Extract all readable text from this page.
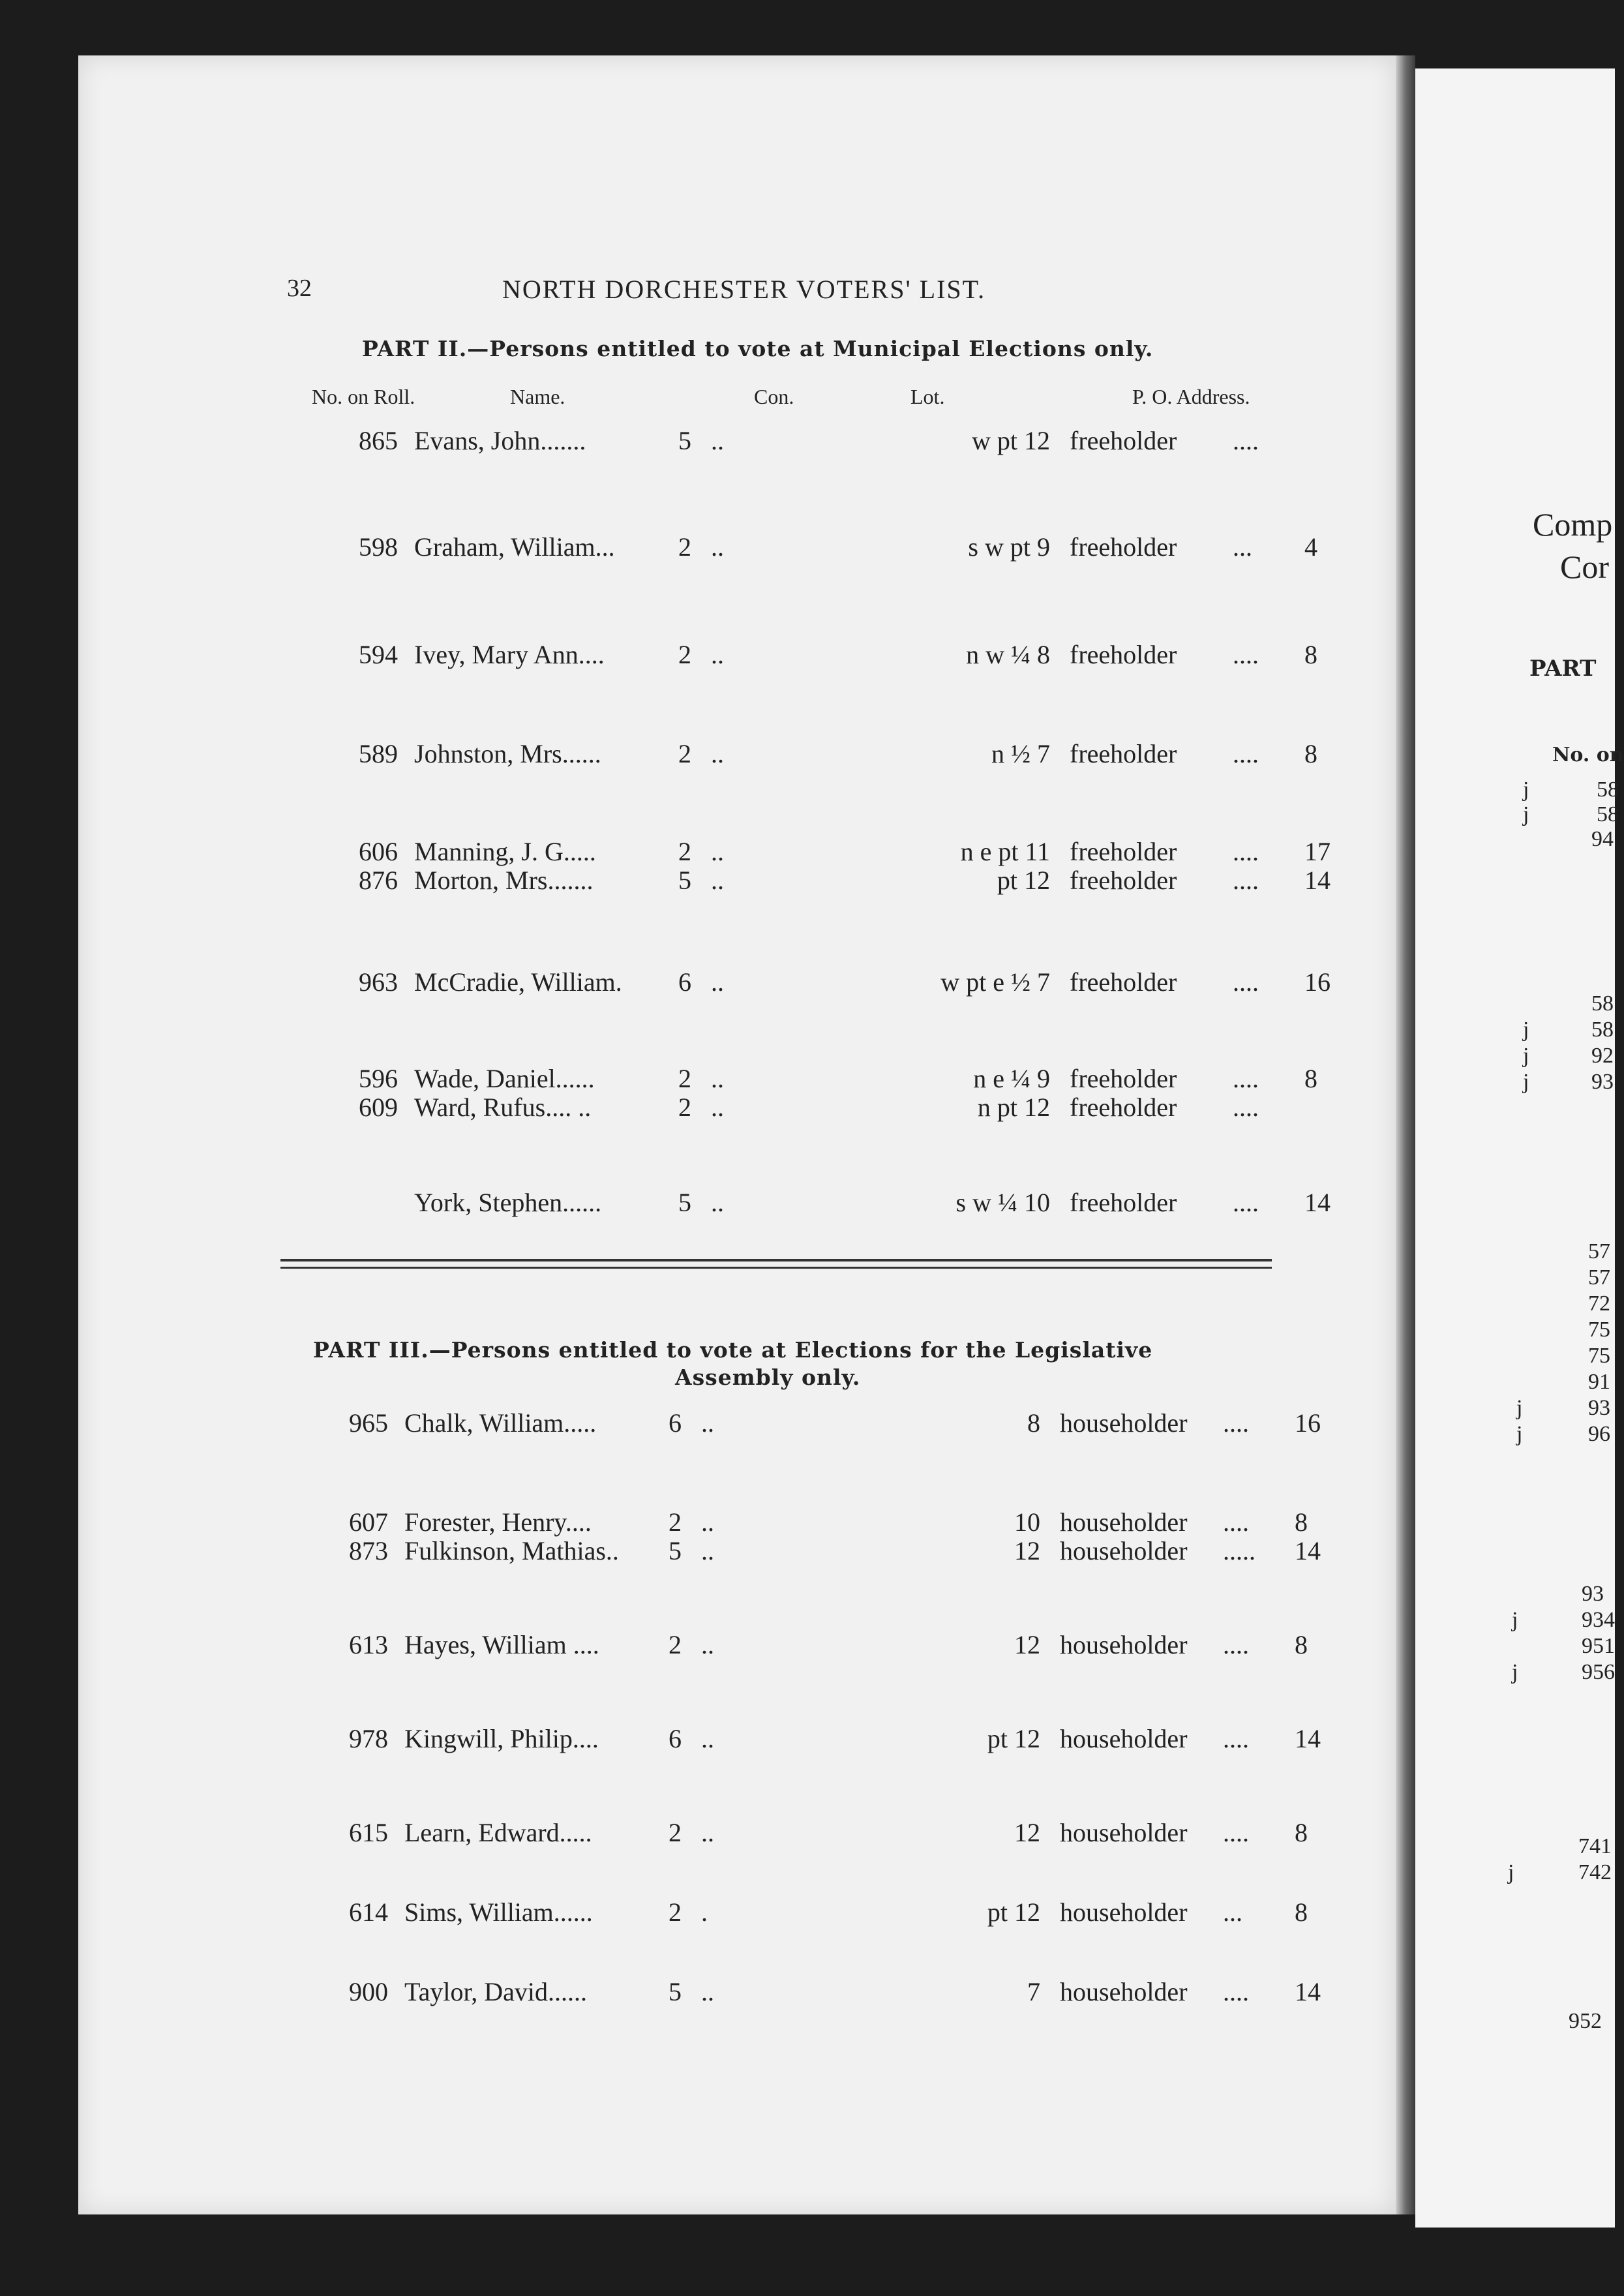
32	NORTH DORCHESTER VOTERS' LIST.
PART II.—Persons entitled to vote at Municipal Elections only.
No. on Roll.	Name.	Con.	Lot.	P. O. Address.
865 Evans, John.......	5 ..	w pt 12 freeholder ....
598 Graham, William... 2 ..	s w pt 9 freeholder ... 4
594 Ivey, Mary Ann....	2 ..	n w ¼ 8 freeholder .... 8
589 Johnston, Mrs......	2 ..	n ½ 7 freeholder .... 8
606 Manning, J. G.....	2 ..	n e pt 11 freeholder .... 17
876 Morton, Mrs.......	5 ..	pt 12 freeholder .... 14
963 McCradie, William. 6 ..	w pt e ½ 7 freeholder .... 16
596 Wade, Daniel......	2 ..	n e ¼ 9 freeholder .... 8
609 Ward, Rufus.... ..	2 ..	n pt 12 freeholder ....
York, Stephen......	5 ..	s w ¼ 10 freeholder .... 14
PART III.—Persons entitled to vote at Elections for the Legislative
Assembly only.
965 Chalk, William.....	6 ..	8 householder .... 16
607 Forester, Henry....	2 ..	10 householder .... 8
873 Fulkinson, Mathias.. 5 ..	12 householder ..... 14
613 Hayes, William ....	2 ..	12 householder .... 8
978 Kingwill, Philip....	6 ..	pt 12 householder .... 14
615 Learn, Edward.....	2 ..	12 householder .... 8
614 Sims, William......	2 .	pt 12 householder ... 8
900 Taylor, David......	5 ..	7 householder .... 14
Comp
Cor
PART
No. on
j
j
58
58
94
58
j	58
j	92
j	93
57
57
72
75
75
91
j	93
j	96
93
j	934
951
j	956
741
j	742
952
